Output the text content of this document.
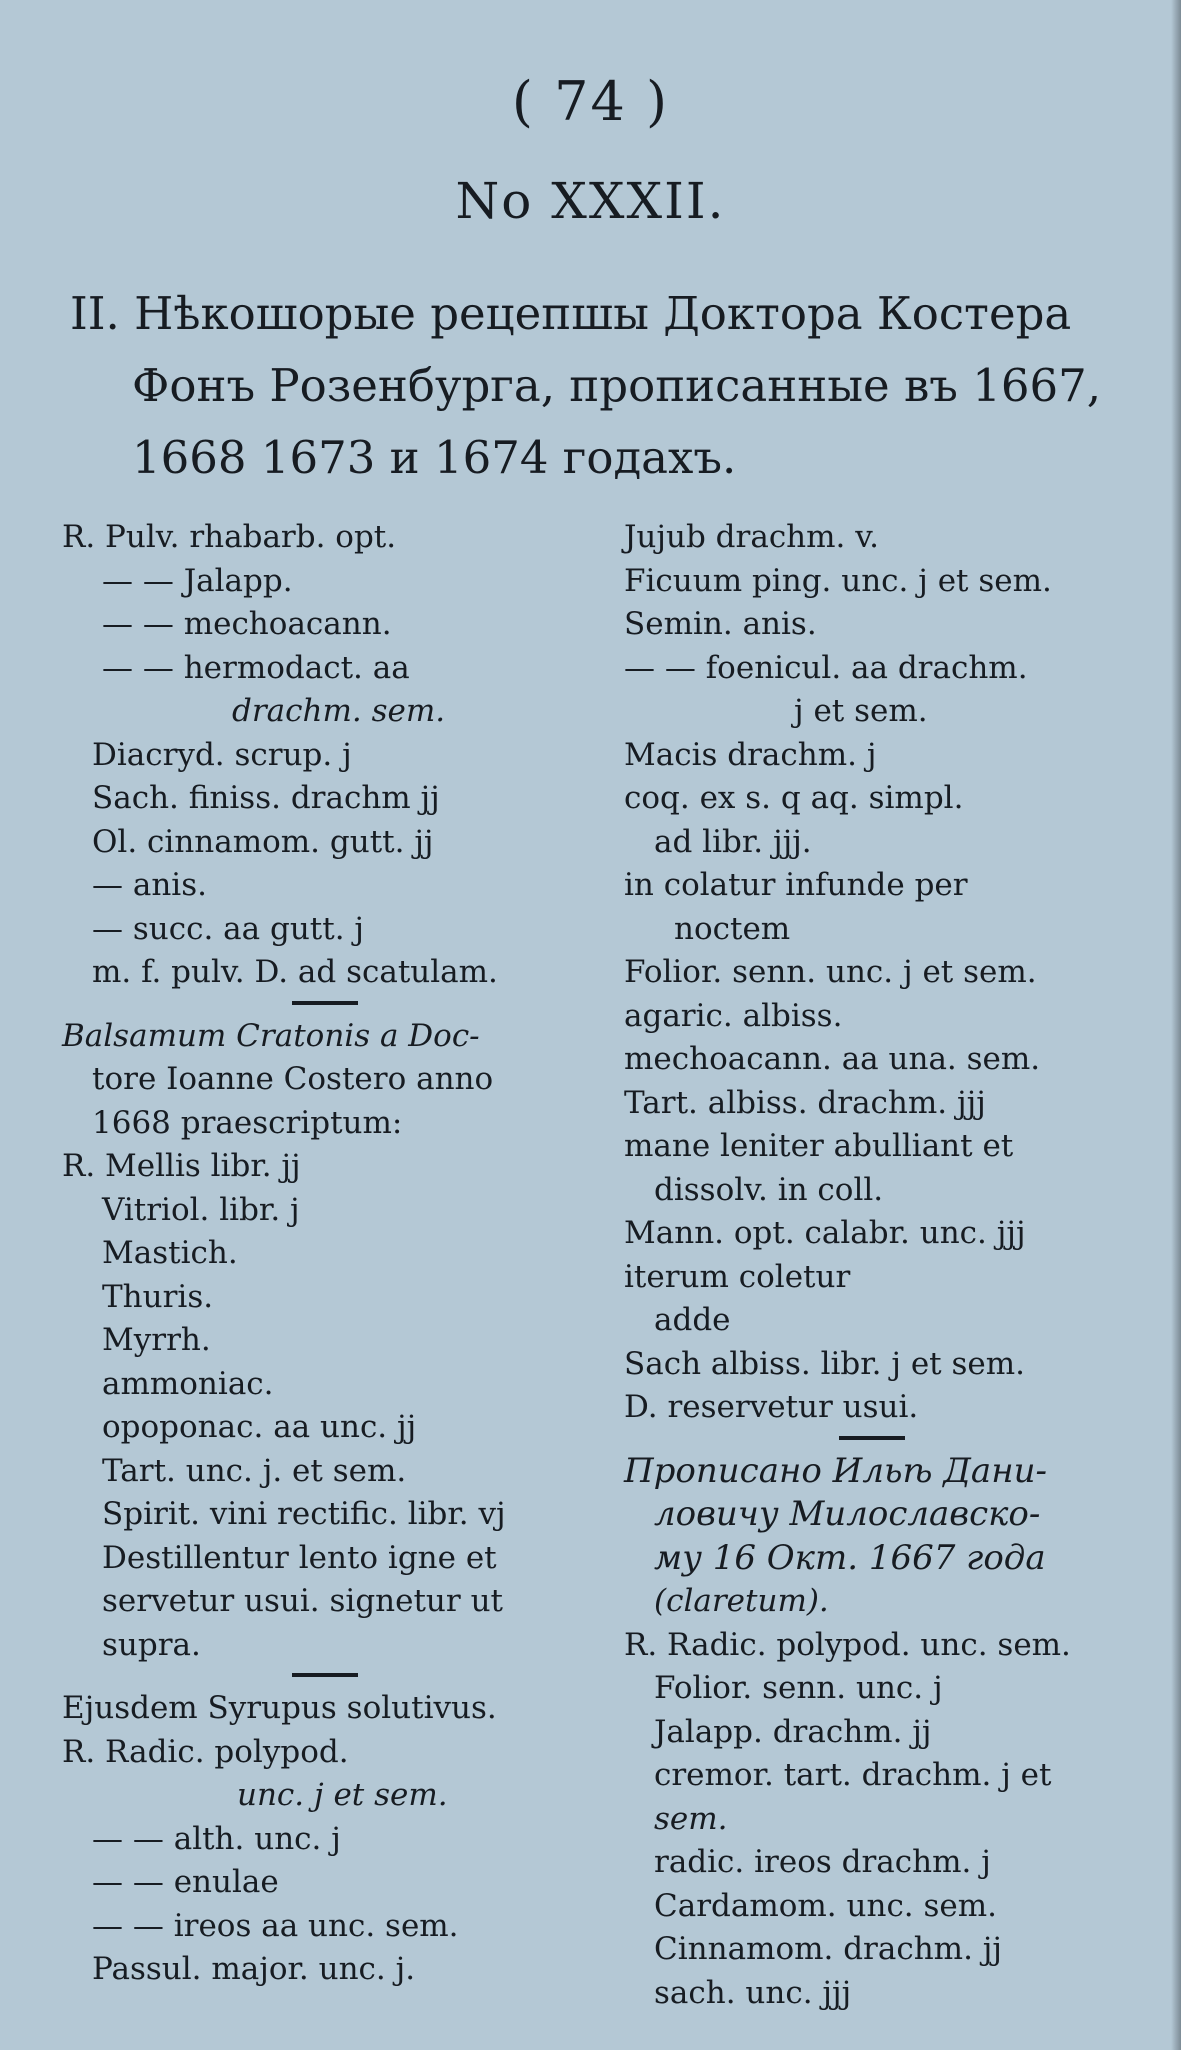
( 74 )
No XXXII.
II. Нѣкошорые рецепшы Доктора Костера
Фонъ Розенбурга, прописанные въ 1667,
1668 1673 и 1674 годахъ.
R. Pulv. rhabarb. opt.
— — Jalapp.
— — mechoacann.
— — hermodact. aa
drachm. sem.
Diacryd. scrup. j
Sach. finiss. drachm jj
Ol. cinnamom. gutt. jj
— anis.
— succ. aa gutt. j
m. f. pulv. D. ad scatulam.
Balsamum Cratonis a Doc-
tore Ioanne Costero anno
1668 praescriptum:
R. Mellis libr. jj
Vitriol. libr. j
Mastich.
Thuris.
Myrrh.
ammoniac.
opoponac. aa unc. jj
Tart. unc. j. et sem.
Spirit. vini rectific. libr. vj
Destillentur lento igne et
servetur usui. signetur ut
supra.
Ejusdem Syrupus solutivus.
R. Radic. polypod.
unc. j et sem.
— — alth. unc. j
— — enulae
— — ireos aa unc. sem.
Passul. major. unc. j.
Jujub drachm. v.
Ficuum ping. unc. j et sem.
Semin. anis.
— — foenicul. aa drachm.
j et sem.
Macis drachm. j
coq. ex s. q aq. simpl.
ad libr. jjj.
in colatur infunde per
noctem
Folior. senn. unc. j et sem.
agaric. albiss.
mechoacann. aa una. sem.
Tart. albiss. drachm. jjj
mane leniter abulliant et
dissolv. in coll.
Mann. opt. calabr. unc. jjj
iterum coletur
adde
Sach albiss. libr. j et sem.
D. reservetur usui.
Прописано Ильѣ Дани-
ловичу Милославско-
му 16 Окт. 1667 года
(claretum).
R. Radic. polypod. unc. sem.
Folior. senn. unc. j
Jalapp. drachm. jj
cremor. tart. drachm. j et
sem.
radic. ireos drachm. j
Cardamom. unc. sem.
Cinnamom. drachm. jj
sach. unc. jjj
